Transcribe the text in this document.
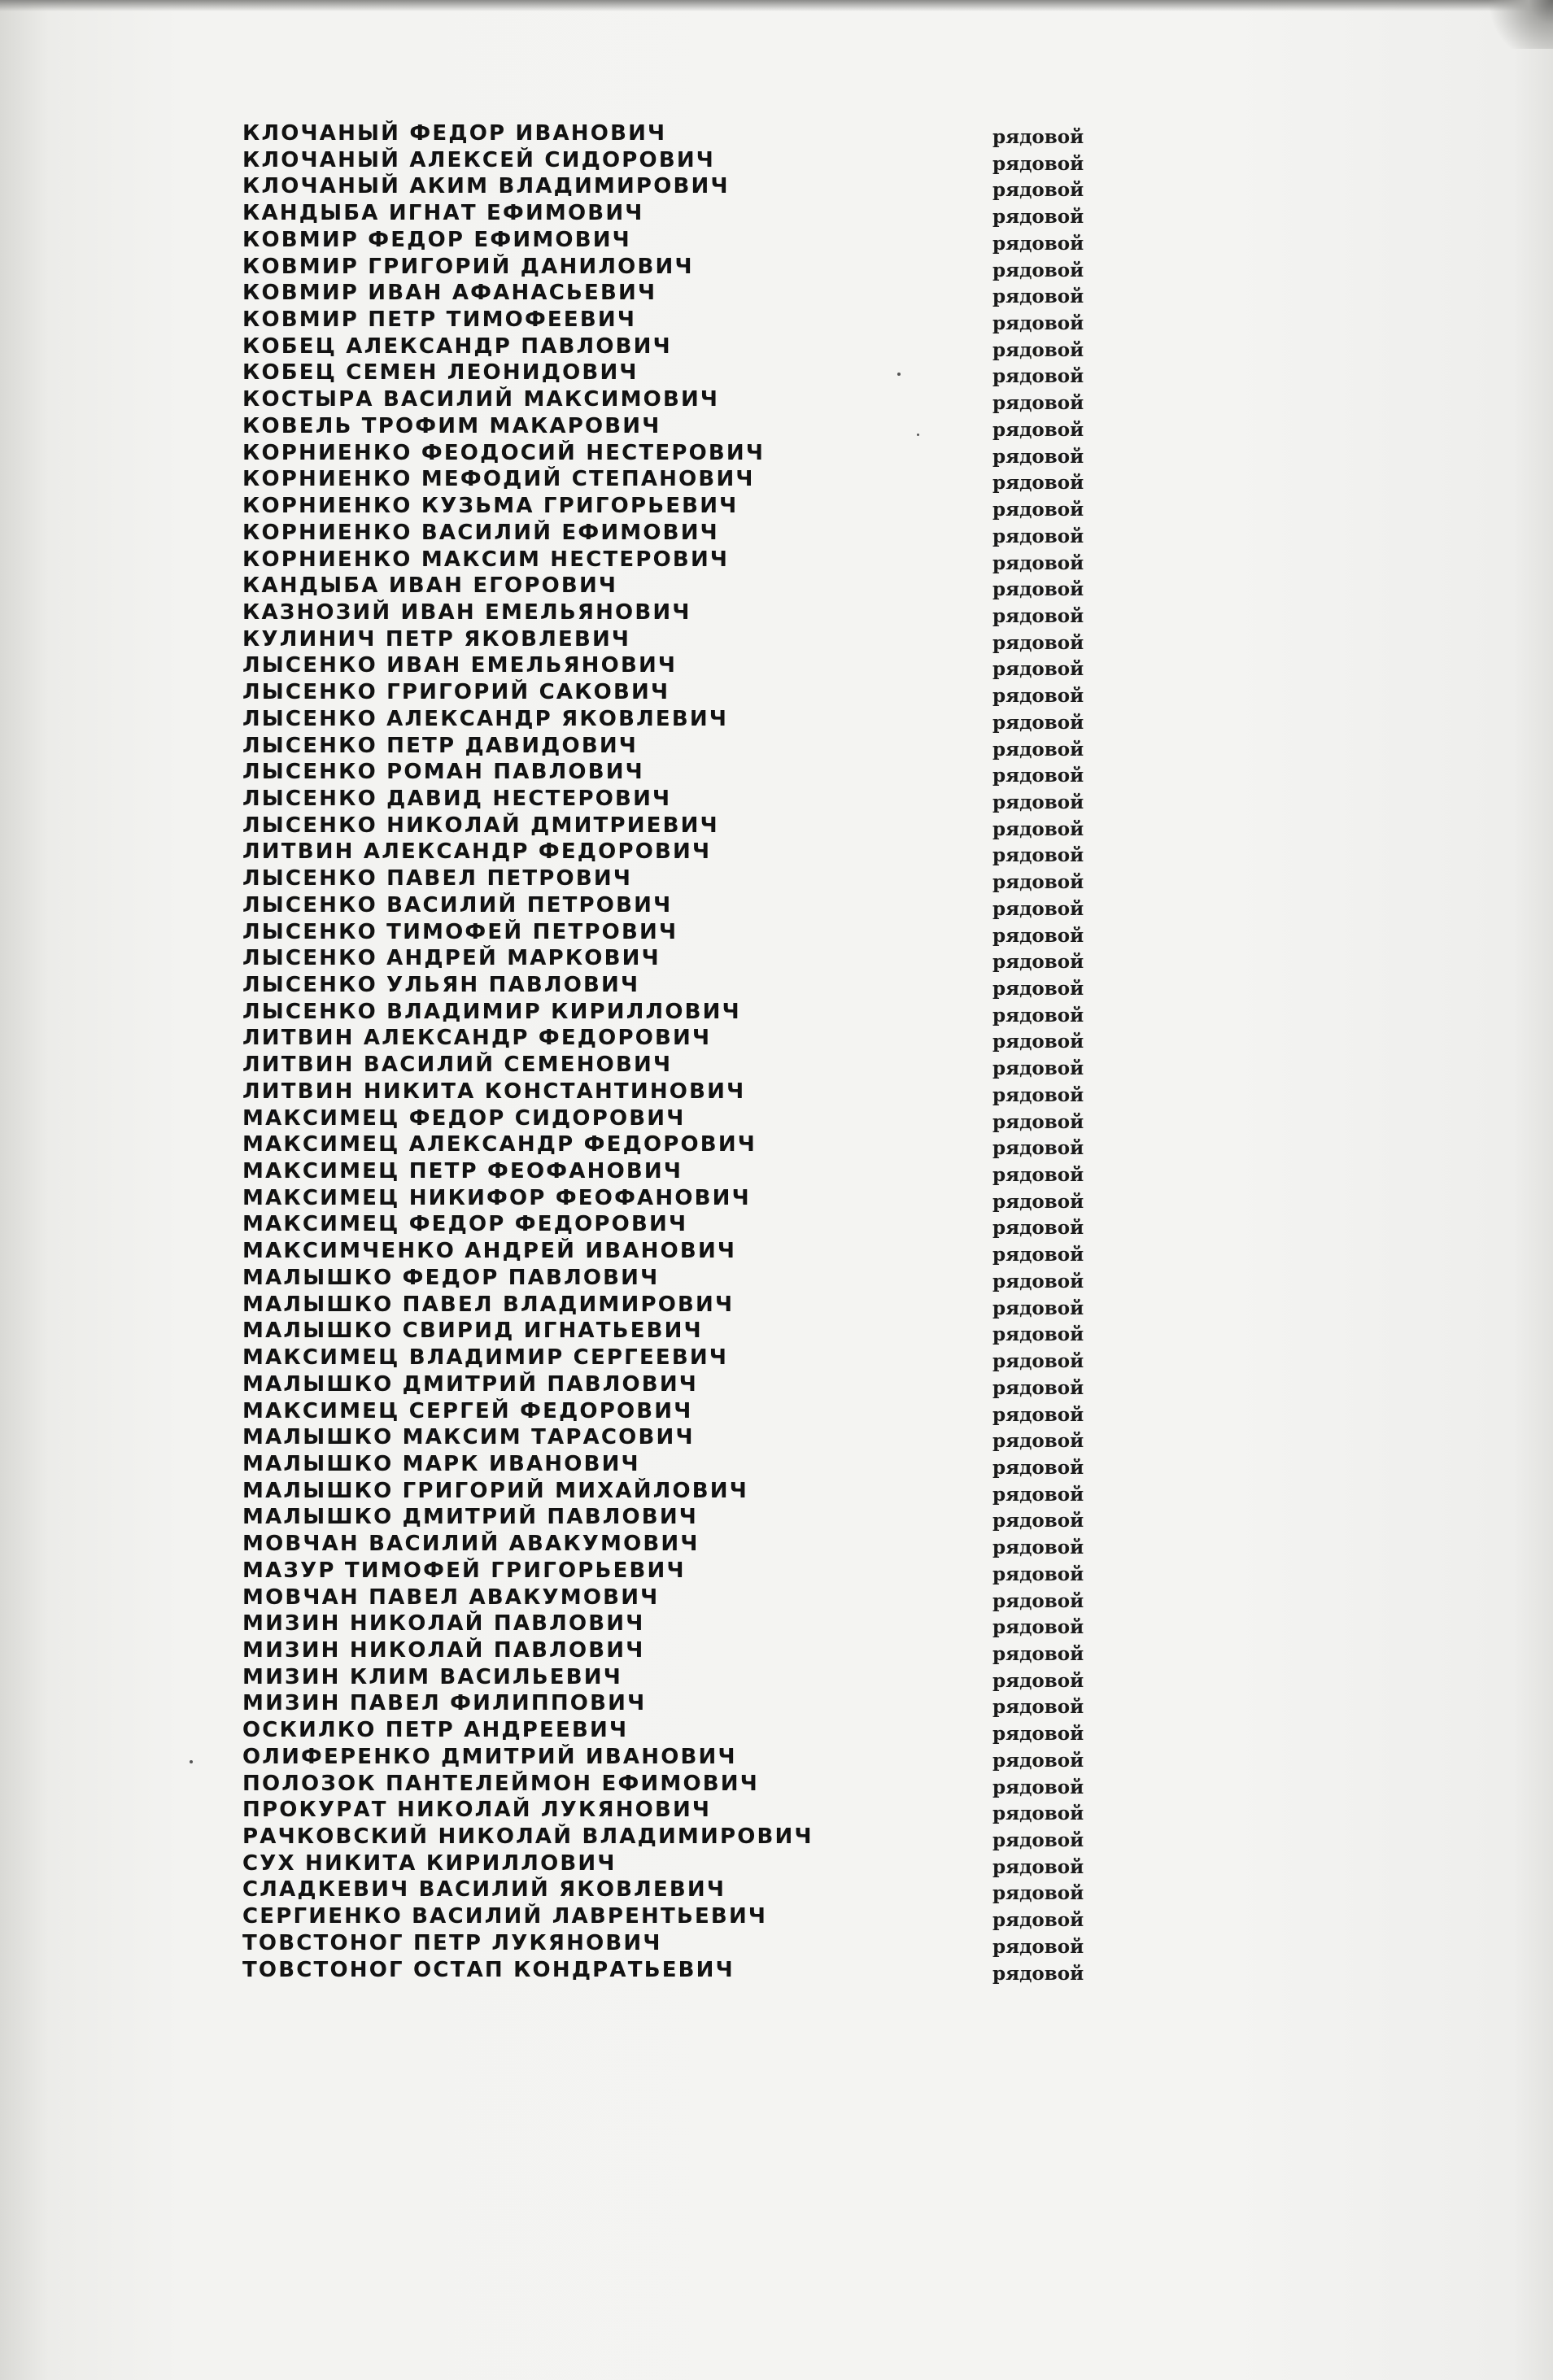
КЛОЧАНЫЙ ФЕДОР ИВАНОВИЧ	рядовой
КЛОЧАНЫЙ АЛЕКСЕЙ СИДОРОВИЧ	рядовой
КЛОЧАНЫЙ АКИМ ВЛАДИМИРОВИЧ	рядовой
КАНДЫБА ИГНАТ ЕФИМОВИЧ	рядовой
КОВМИР ФЕДОР ЕФИМОВИЧ	рядовой
КОВМИР ГРИГОРИЙ ДАНИЛОВИЧ	рядовой
КОВМИР ИВАН АФАНАСЬЕВИЧ	рядовой
КОВМИР ПЕТР ТИМОФЕЕВИЧ	рядовой
КОБЕЦ АЛЕКСАНДР ПАВЛОВИЧ	рядовой
КОБЕЦ СЕМЕН ЛЕОНИДОВИЧ	рядовой
КОСТЫРА ВАСИЛИЙ МАКСИМОВИЧ	рядовой
КОВЕЛЬ ТРОФИМ МАКАРОВИЧ	рядовой
КОРНИЕНКО ФЕОДОСИЙ НЕСТЕРОВИЧ	рядовой
КОРНИЕНКО МЕФОДИЙ СТЕПАНОВИЧ	рядовой
КОРНИЕНКО КУЗЬМА ГРИГОРЬЕВИЧ	рядовой
КОРНИЕНКО ВАСИЛИЙ ЕФИМОВИЧ	рядовой
КОРНИЕНКО МАКСИМ НЕСТЕРОВИЧ	рядовой
КАНДЫБА ИВАН ЕГОРОВИЧ	рядовой
КАЗНОЗИЙ ИВАН ЕМЕЛЬЯНОВИЧ	рядовой
КУЛИНИЧ ПЕТР ЯКОВЛЕВИЧ	рядовой
ЛЫСЕНКО ИВАН ЕМЕЛЬЯНОВИЧ	рядовой
ЛЫСЕНКО ГРИГОРИЙ САКОВИЧ	рядовой
ЛЫСЕНКО АЛЕКСАНДР ЯКОВЛЕВИЧ	рядовой
ЛЫСЕНКО ПЕТР ДАВИДОВИЧ	рядовой
ЛЫСЕНКО РОМАН ПАВЛОВИЧ	рядовой
ЛЫСЕНКО ДАВИД НЕСТЕРОВИЧ	рядовой
ЛЫСЕНКО НИКОЛАЙ ДМИТРИЕВИЧ	рядовой
ЛИТВИН АЛЕКСАНДР ФЕДОРОВИЧ	рядовой
ЛЫСЕНКО ПАВЕЛ ПЕТРОВИЧ	рядовой
ЛЫСЕНКО ВАСИЛИЙ ПЕТРОВИЧ	рядовой
ЛЫСЕНКО ТИМОФЕЙ ПЕТРОВИЧ	рядовой
ЛЫСЕНКО АНДРЕЙ МАРКОВИЧ	рядовой
ЛЫСЕНКО УЛЬЯН ПАВЛОВИЧ	рядовой
ЛЫСЕНКО ВЛАДИМИР КИРИЛЛОВИЧ	рядовой
ЛИТВИН АЛЕКСАНДР ФЕДОРОВИЧ	рядовой
ЛИТВИН ВАСИЛИЙ СЕМЕНОВИЧ	рядовой
ЛИТВИН НИКИТА КОНСТАНТИНОВИЧ	рядовой
МАКСИМЕЦ ФЕДОР СИДОРОВИЧ	рядовой
МАКСИМЕЦ АЛЕКСАНДР ФЕДОРОВИЧ	рядовой
МАКСИМЕЦ ПЕТР ФЕОФАНОВИЧ	рядовой
МАКСИМЕЦ НИКИФОР ФЕОФАНОВИЧ	рядовой
МАКСИМЕЦ ФЕДОР ФЕДОРОВИЧ	рядовой
МАКСИМЧЕНКО АНДРЕЙ ИВАНОВИЧ	рядовой
МАЛЫШКО ФЕДОР ПАВЛОВИЧ	рядовой
МАЛЫШКО ПАВЕЛ ВЛАДИМИРОВИЧ	рядовой
МАЛЫШКО СВИРИД ИГНАТЬЕВИЧ	рядовой
МАКСИМЕЦ ВЛАДИМИР СЕРГЕЕВИЧ	рядовой
МАЛЫШКО ДМИТРИЙ ПАВЛОВИЧ	рядовой
МАКСИМЕЦ СЕРГЕЙ ФЕДОРОВИЧ	рядовой
МАЛЫШКО МАКСИМ ТАРАСОВИЧ	рядовой
МАЛЫШКО МАРК ИВАНОВИЧ	рядовой
МАЛЫШКО ГРИГОРИЙ МИХАЙЛОВИЧ	рядовой
МАЛЫШКО ДМИТРИЙ ПАВЛОВИЧ	рядовой
МОВЧАН ВАСИЛИЙ АВАКУМОВИЧ	рядовой
МАЗУР ТИМОФЕЙ ГРИГОРЬЕВИЧ	рядовой
МОВЧАН ПАВЕЛ АВАКУМОВИЧ	рядовой
МИЗИН НИКОЛАЙ ПАВЛОВИЧ	рядовой
МИЗИН НИКОЛАЙ ПАВЛОВИЧ	рядовой
МИЗИН КЛИМ ВАСИЛЬЕВИЧ	рядовой
МИЗИН ПАВЕЛ ФИЛИППОВИЧ	рядовой
ОСКИЛКО ПЕТР АНДРЕЕВИЧ	рядовой
ОЛИФЕРЕНКО ДМИТРИЙ ИВАНОВИЧ	рядовой
ПОЛОЗОК ПАНТЕЛЕЙМОН ЕФИМОВИЧ	рядовой
ПРОКУРАТ НИКОЛАЙ ЛУКЯНОВИЧ	рядовой
РАЧКОВСКИЙ НИКОЛАЙ ВЛАДИМИРОВИЧ	рядовой
СУХ НИКИТА КИРИЛЛОВИЧ	рядовой
СЛАДКЕВИЧ ВАСИЛИЙ ЯКОВЛЕВИЧ	рядовой
СЕРГИЕНКО ВАСИЛИЙ ЛАВРЕНТЬЕВИЧ	рядовой
ТОВСТОНОГ ПЕТР ЛУКЯНОВИЧ	рядовой
ТОВСТОНОГ ОСТАП КОНДРАТЬЕВИЧ	рядовой
